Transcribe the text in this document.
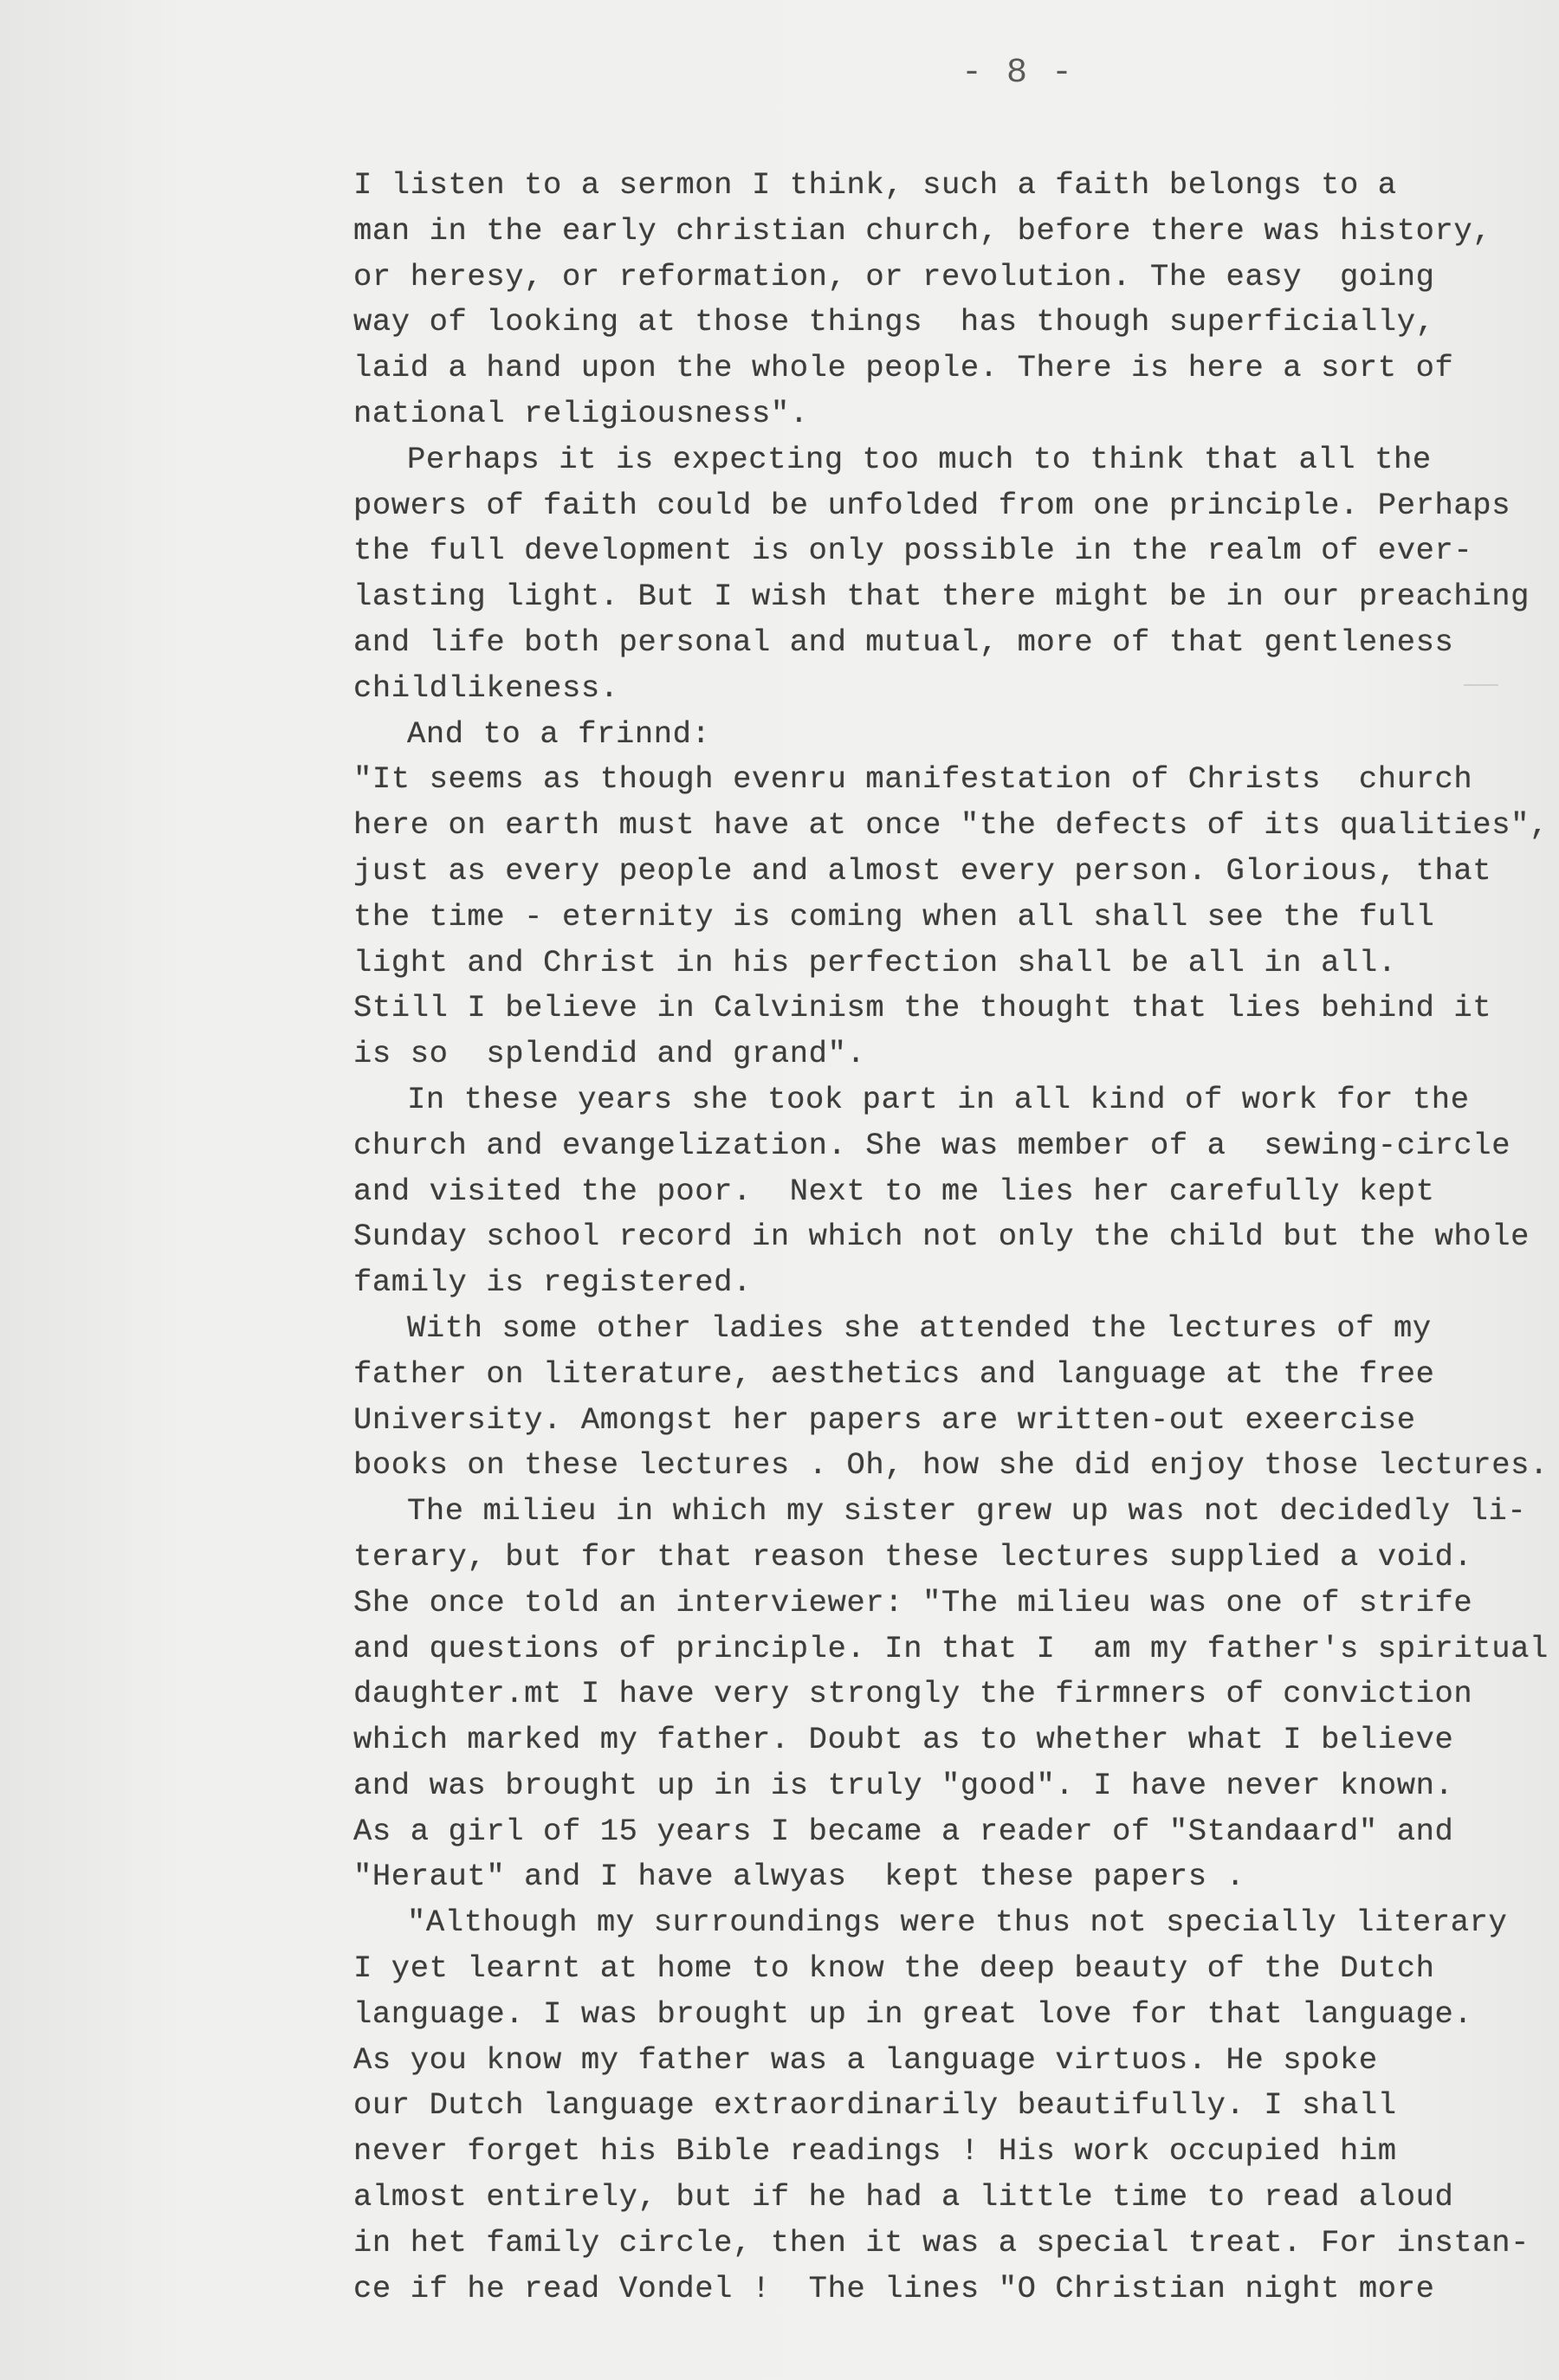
- 8 -
I listen to a sermon I think, such a faith belongs to a
man in the early christian church, before there was history,
or heresy, or reformation, or revolution. The easy  going
way of looking at those things  has though superficially,
laid a hand upon the whole people. There is here a sort of
national religiousness".
Perhaps it is expecting too much to think that all the
powers of faith could be unfolded from one principle. Perhaps
the full development is only possible in the realm of ever-
lasting light. But I wish that there might be in our preaching
and life both personal and mutual, more of that gentleness
childlikeness.
And to a frinnd:
"It seems as though evenru manifestation of Christs  church
here on earth must have at once "the defects of its qualities",
just as every people and almost every person. Glorious, that
the time - eternity is coming when all shall see the full
light and Christ in his perfection shall be all in all.
Still I believe in Calvinism the thought that lies behind it
is so  splendid and grand".
In these years she took part in all kind of work for the
church and evangelization. She was member of a  sewing-circle
and visited the poor.  Next to me lies her carefully kept
Sunday school record in which not only the child but the whole
family is registered.
With some other ladies she attended the lectures of my
father on literature, aesthetics and language at the free
University. Amongst her papers are written-out exeercise
books on these lectures . Oh, how she did enjoy those lectures.
The milieu in which my sister grew up was not decidedly li-
terary, but for that reason these lectures supplied a void.
She once told an interviewer: "The milieu was one of strife
and questions of principle. In that I  am my father's spiritual
daughter.mt I have very strongly the firmners of conviction
which marked my father. Doubt as to whether what I believe
and was brought up in is truly "good". I have never known.
As a girl of 15 years I became a reader of "Standaard" and
"Heraut" and I have alwyas  kept these papers .
"Although my surroundings were thus not specially literary
I yet learnt at home to know the deep beauty of the Dutch
language. I was brought up in great love for that language.
As you know my father was a language virtuos. He spoke
our Dutch language extraordinarily beautifully. I shall
never forget his Bible readings ! His work occupied him
almost entirely, but if he had a little time to read aloud
in het family circle, then it was a special treat. For instan-
ce if he read Vondel !  The lines "O Christian night more
